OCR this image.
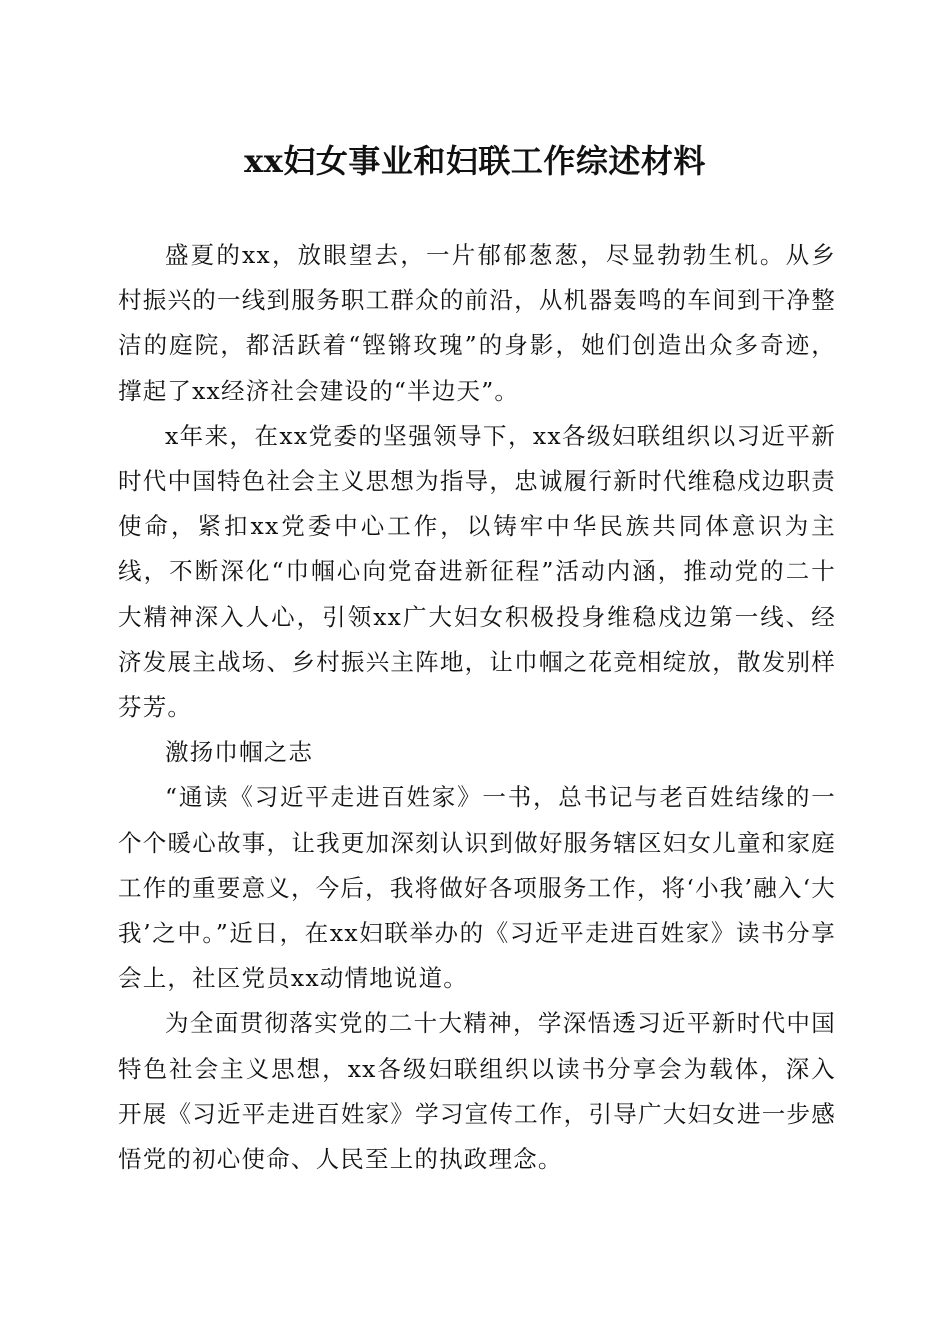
xx妇女事业和妇联工作综述材料

盛夏的xx，放眼望去，一片郁郁葱葱，尽显勃勃生机。从乡村振兴的一线到服务职工群众的前沿，从机器轰鸣的车间到干净整洁的庭院，都活跃着“铿锵玫瑰”的身影，她们创造出众多奇迹，撑起了xx经济社会建设的“半边天”。

x年来，在xx党委的坚强领导下，xx各级妇联组织以习近平新时代中国特色社会主义思想为指导，忠诚履行新时代维稳戍边职责使命，紧扣xx党委中心工作，以铸牢中华民族共同体意识为主线，不断深化“巾帼心向党奋进新征程”活动内涵，推动党的二十大精神深入人心，引领xx广大妇女积极投身维稳戍边第一线、经济发展主战场、乡村振兴主阵地，让巾帼之花竞相绽放，散发别样芬芳。

激扬巾帼之志

“通读《习近平走进百姓家》一书，总书记与老百姓结缘的一个个暖心故事，让我更加深刻认识到做好服务辖区妇女儿童和家庭工作的重要意义，今后，我将做好各项服务工作，将‘小我’融入‘大我’之中。”近日，在xx妇联举办的《习近平走进百姓家》读书分享会上，社区党员xx动情地说道。

为全面贯彻落实党的二十大精神，学深悟透习近平新时代中国特色社会主义思想，xx各级妇联组织以读书分享会为载体，深入开展《习近平走进百姓家》学习宣传工作，引导广大妇女进一步感悟党的初心使命、人民至上的执政理念。
